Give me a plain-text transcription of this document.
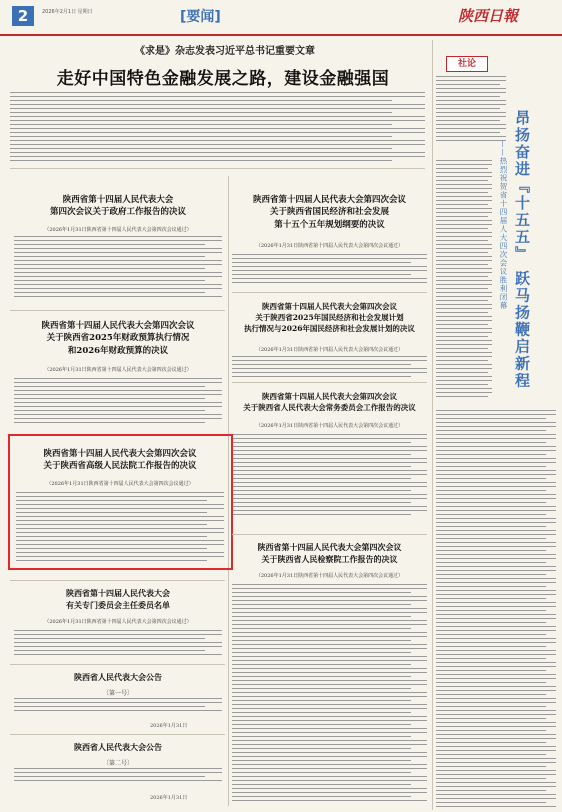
2	2026年2月1日 星期日	[要闻]	陕西日報
《求是》杂志发表习近平总书记重要文章
走好中国特色金融发展之路，建设金融强国
陕西省第十四届人民代表大会
第四次会议关于政府工作报告的决议
（2026年1月31日陕西省第十四届人民代表大会第四次会议通过）
陕西省第十四届人民代表大会第四次会议
关于陕西省国民经济和社会发展
第十五个五年规划纲要的决议
（2026年1月31日陕西省第十四届人民代表大会第四次会议通过）
陕西省第十四届人民代表大会第四次会议
关于陕西省2025年国民经济和社会发展计划
执行情况与2026年国民经济和社会发展计划的决议
（2026年1月31日陕西省第十四届人民代表大会第四次会议通过）
陕西省第十四届人民代表大会第四次会议
关于陕西省2025年财政预算执行情况
和2026年财政预算的决议
（2026年1月31日陕西省第十四届人民代表大会第四次会议通过）
陕西省第十四届人民代表大会第四次会议
关于陕西省人民代表大会常务委员会工作报告的决议
（2026年1月31日陕西省第十四届人民代表大会第四次会议通过）
陕西省第十四届人民代表大会第四次会议
关于陕西省高级人民法院工作报告的决议
（2026年1月31日陕西省第十四届人民代表大会第四次会议通过）
陕西省第十四届人民代表大会第四次会议
关于陕西省人民检察院工作报告的决议
（2026年1月31日陕西省第十四届人民代表大会第四次会议通过）
陕西省第十四届人民代表大会
有关专门委员会主任委员名单
（2026年1月31日陕西省第十四届人民代表大会第四次会议通过）
陕西省人民代表大会公告
〔第一号〕
2026年1月31日
陕西省人民代表大会公告
〔第二号〕
2026年1月31日
社论
昂扬奋进『十五五』 跃马扬鞭启新程
——热烈祝贺省十四届人大四次会议胜利闭幕
